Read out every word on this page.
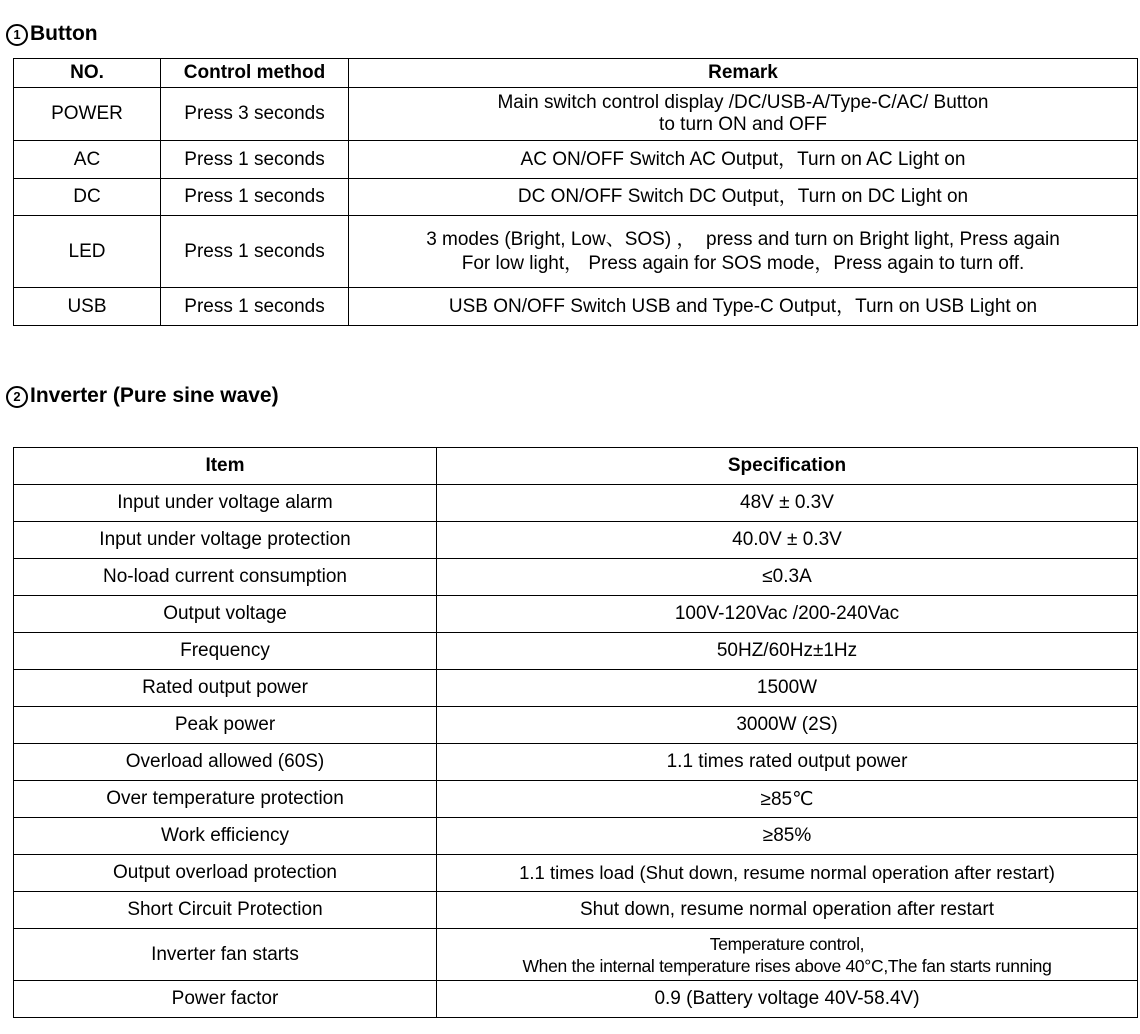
1 Button
NO.	Control method	Remark
POWER	Press 3 seconds	Main switch control display /DC/USB-A/Type-C/AC/ Button
to turn ON and OFF
AC	Press 1 seconds	AC ON/OFF Switch AC Output，Turn on AC Light on
DC	Press 1 seconds	DC ON/OFF Switch DC Output，Turn on DC Light on
LED	Press 1 seconds	3 modes (Bright, Low、SOS) ，  press and turn on Bright light, Press again
For low light， Press again for SOS mode，Press again to turn off.
USB	Press 1 seconds	USB ON/OFF Switch USB and Type-C Output，Turn on USB Light on
2 Inverter (Pure sine wave)
Item	Specification
Input under voltage alarm	48V ± 0.3V
Input under voltage protection	40.0V ± 0.3V
No-load current consumption	≤0.3A
Output voltage	100V-120Vac /200-240Vac
Frequency	50HZ/60Hz±1Hz
Rated output power	1500W
Peak power	3000W (2S)
Overload allowed (60S)	1.1 times rated output power
Over temperature protection	≥85℃
Work efficiency	≥85%
Output overload protection	1.1 times load (Shut down, resume normal operation after restart)
Short Circuit Protection	Shut down, resume normal operation after restart
Inverter fan starts	Temperature control,
When the internal temperature rises above 40°C,The fan starts running
Power factor	0.9 (Battery voltage 40V-58.4V)
